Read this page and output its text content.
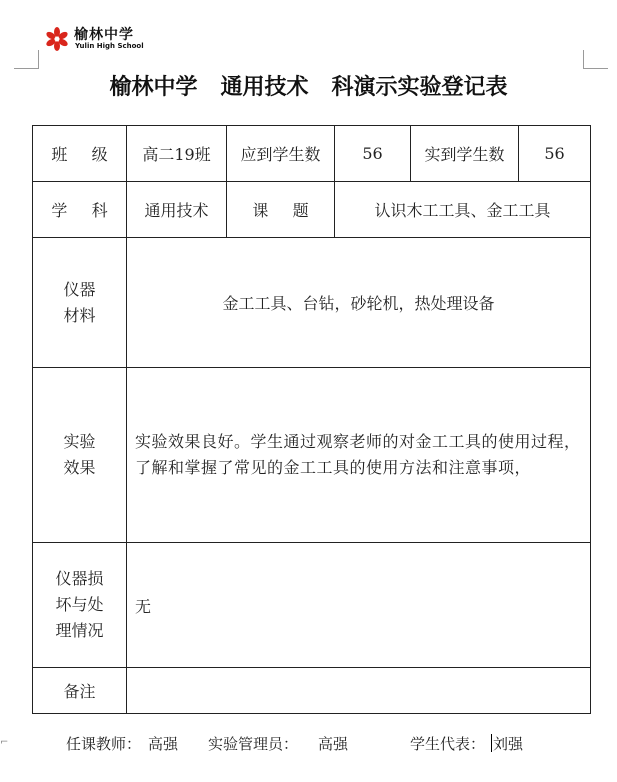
榆林中学
Yulin High School
榆林中学   通用技术   科演示实验登记表
班 级	高二19班	应到学生数	56	实到学生数	56
学 科	通用技术	课 题	认识木工工具、金工工具		

仪器
材料	金工工具、台钻，砂轮机，热处理设备				

实验
效果	实验效果良好。学生通过观察老师的对金工工具的使用过程，了解和掌握了常见的金工工具的使用方法和注意事项，				

仪器损
坏与处
理情况	无				
备注					
任课教师： 高强 实验管理员： 高强	学生代表： 刘强
⌐
